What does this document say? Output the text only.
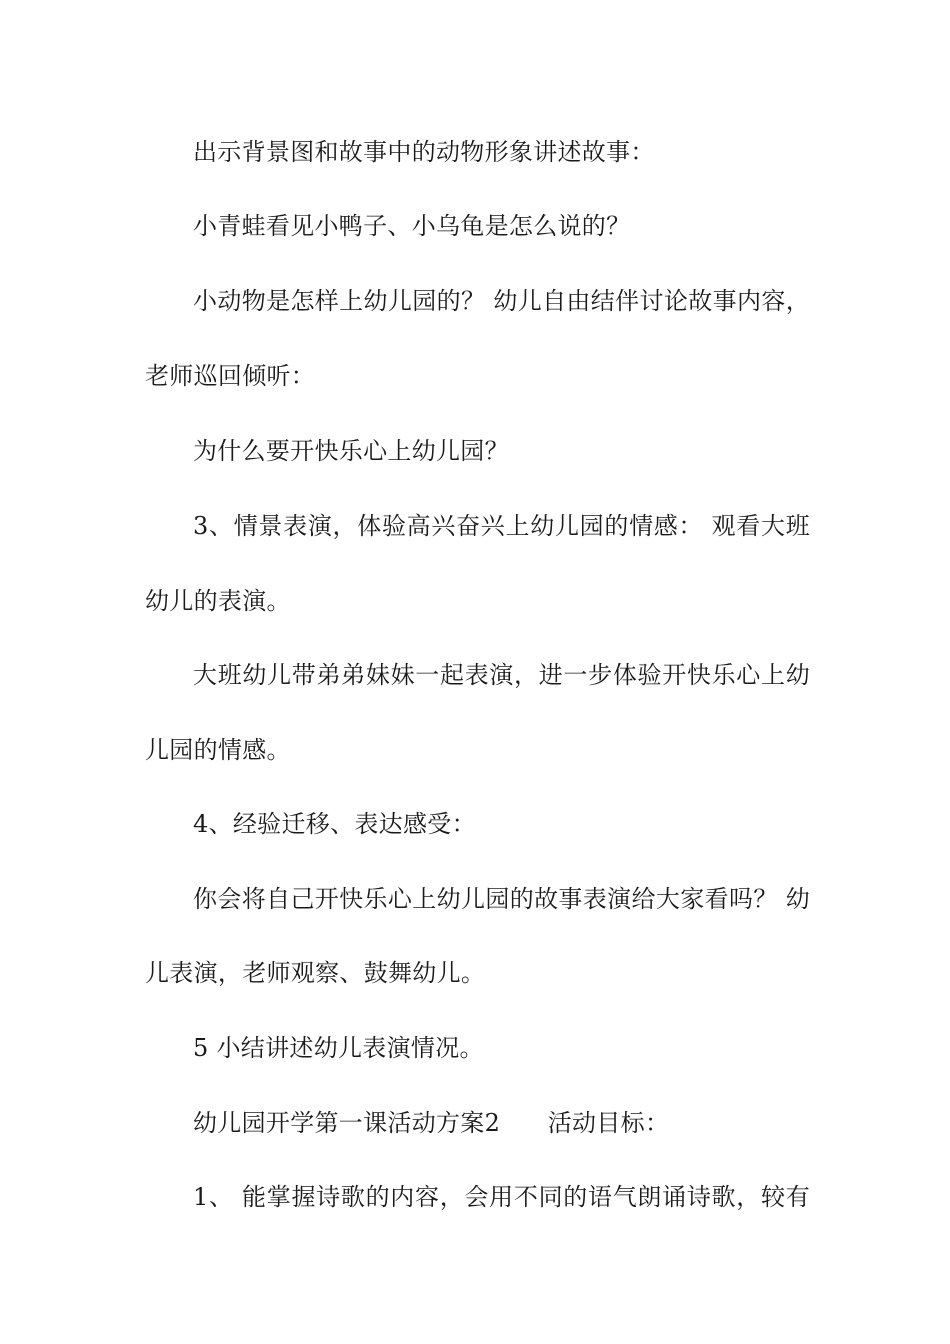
出示背景图和故事中的动物形象讲述故事：
小青蛙看见小鸭子、小乌龟是怎么说的？
小动物是怎样上幼儿园的？ 幼儿自由结伴讨论故事内容，
老师巡回倾听：
为什么要开快乐心上幼儿园？
3、情景表演，体验高兴奋兴上幼儿园的情感： 观看大班
幼儿的表演。
大班幼儿带弟弟妹妹一起表演，进一步体验开快乐心上幼
儿园的情感。
4、经验迁移、表达感受：
你会将自己开快乐心上幼儿园的故事表演给大家看吗？ 幼
儿表演，老师观察、鼓舞幼儿。
5 小结讲述幼儿表演情况。
幼儿园开学第一课活动方案2      活动目标：
1、 能掌握诗歌的内容，会用不同的语气朗诵诗歌，较有
